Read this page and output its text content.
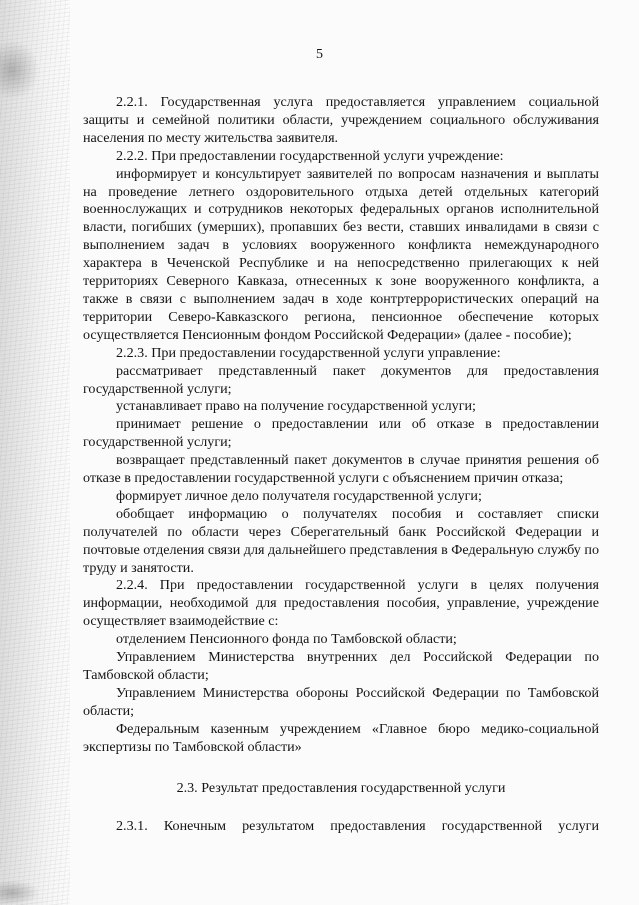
5

2.2.1. Государственная услуга предоставляется управлением социальной защиты и семейной политики области, учреждением социального обслуживания населения по месту жительства заявителя.

2.2.2. При предоставлении государственной услуги учреждение:

информирует и консультирует заявителей по вопросам назначения и выплаты на проведение летнего оздоровительного отдыха детей отдельных категорий военнослужащих и сотрудников некоторых федеральных органов исполнительной власти, погибших (умерших), пропавших без вести, ставших инвалидами в связи с выполнением задач в условиях вооруженного конфликта немеждународного характера в Чеченской Республике и на непосредственно прилегающих к ней территориях Северного Кавказа, отнесенных к зоне вооруженного конфликта, а также в связи с выполнением задач в ходе контртеррористических операций на территории Северо-Кавказского региона, пенсионное обеспечение которых осуществляется Пенсионным фондом Российской Федерации» (далее - пособие);

2.2.3. При предоставлении государственной услуги управление:

рассматривает представленный пакет документов для предоставления государственной услуги;

устанавливает право на получение государственной услуги;

принимает решение о предоставлении или об отказе в предоставлении государственной услуги;

возвращает представленный пакет документов в случае принятия решения об отказе в предоставлении государственной услуги с объяснением причин отказа;

формирует личное дело получателя государственной услуги;

обобщает информацию о получателях пособия и составляет списки получателей по области через Сберегательный банк Российской Федерации и почтовые отделения связи для дальнейшего представления в Федеральную службу по труду и занятости.

2.2.4. При предоставлении государственной услуги в целях получения информации, необходимой для предоставления пособия, управление, учреждение осуществляет взаимодействие с:

отделением Пенсионного фонда по Тамбовской области;

Управлением Министерства внутренних дел Российской Федерации по Тамбовской области;

Управлением Министерства обороны Российской Федерации по Тамбовской области;

Федеральным казенным учреждением «Главное бюро медико-социальной экспертизы по Тамбовской области»

2.3. Результат предоставления государственной услуги

2.3.1. Конечным результатом предоставления государственной услуги
